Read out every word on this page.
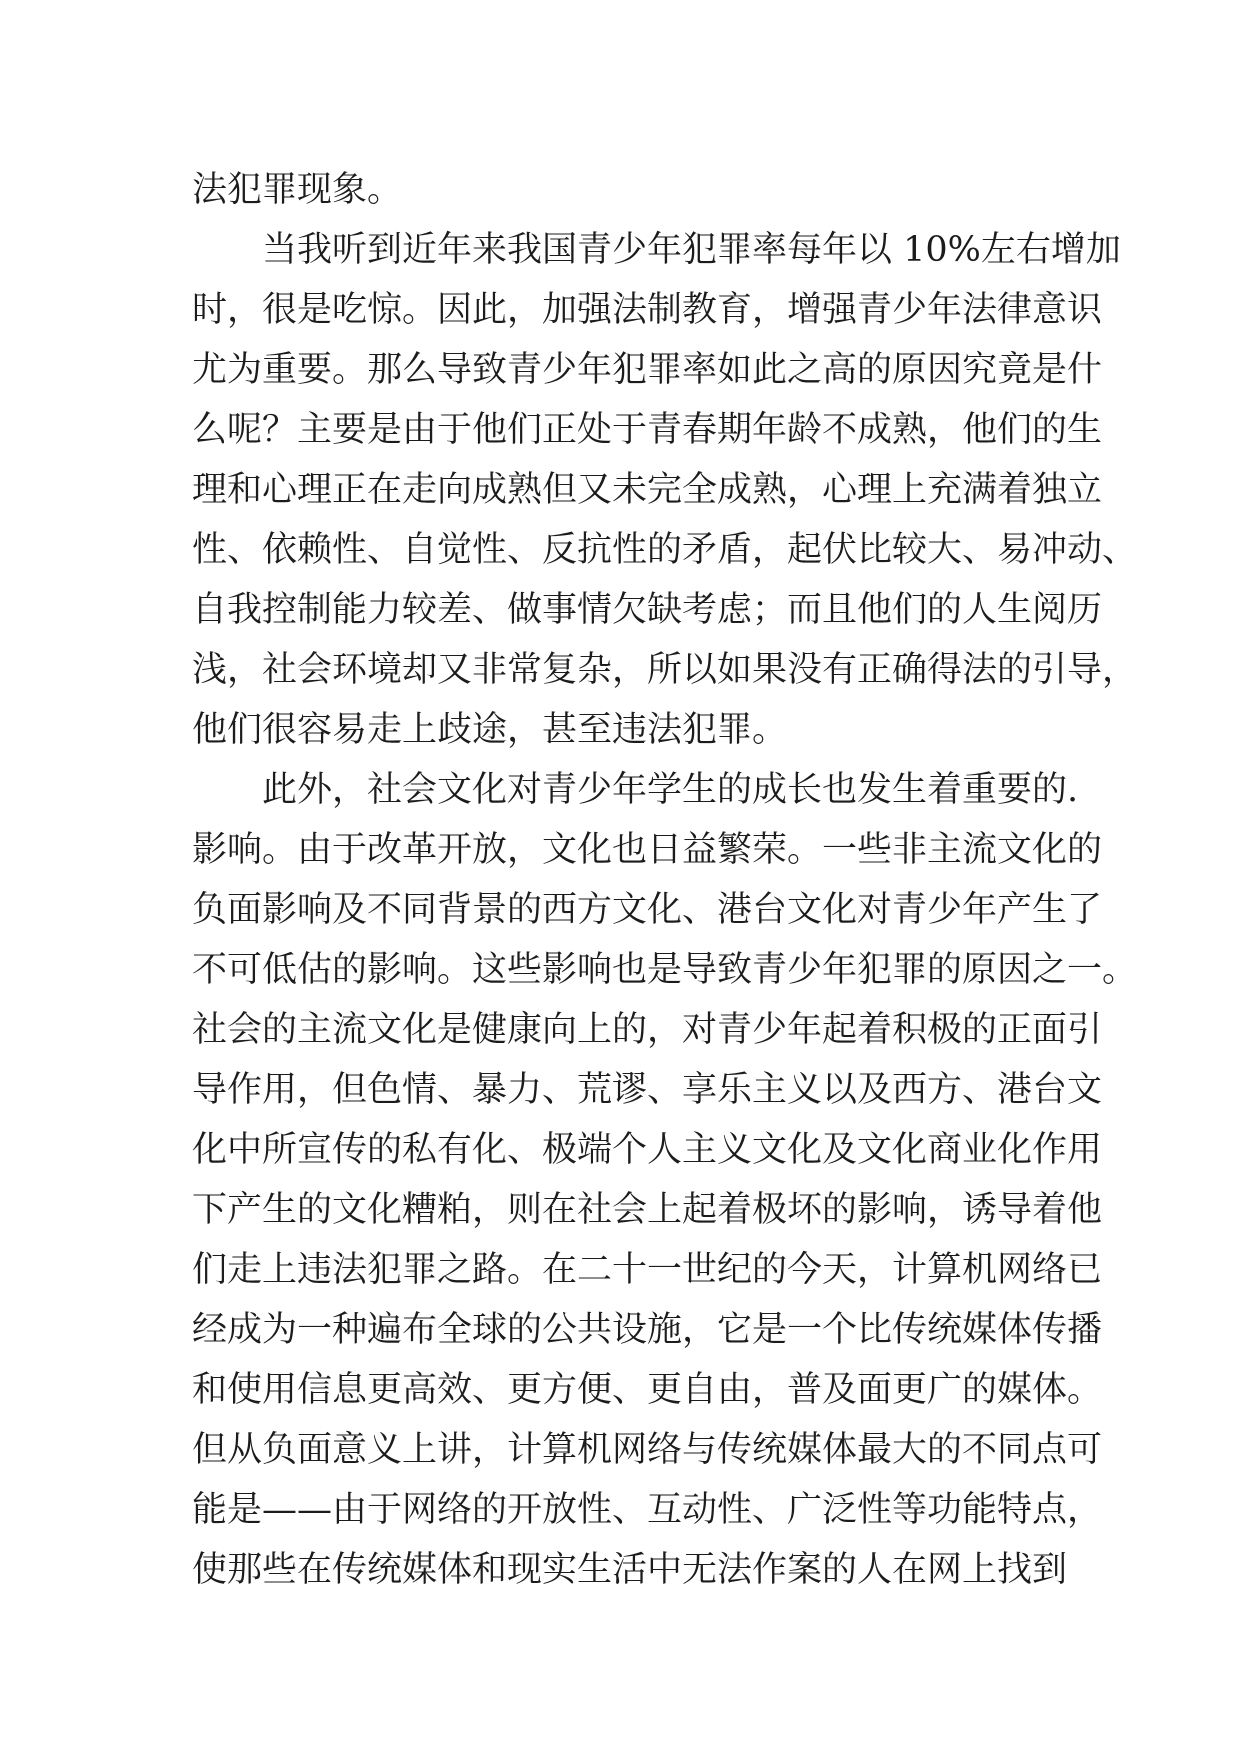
法犯罪现象。
当我听到近年来我国青少年犯罪率每年以 10%左右增加
时，很是吃惊。因此，加强法制教育，增强青少年法律意识
尤为重要。那么导致青少年犯罪率如此之高的原因究竟是什
么呢？主要是由于他们正处于青春期年龄不成熟，他们的生
理和心理正在走向成熟但又未完全成熟，心理上充满着独立
性、依赖性、自觉性、反抗性的矛盾，起伏比较大、易冲动、
自我控制能力较差、做事情欠缺考虑；而且他们的人生阅历
浅，社会环境却又非常复杂，所以如果没有正确得法的引导，
他们很容易走上歧途，甚至违法犯罪。
此外，社会文化对青少年学生的成长也发生着重要的.
影响。由于改革开放，文化也日益繁荣。一些非主流文化的
负面影响及不同背景的西方文化、港台文化对青少年产生了
不可低估的影响。这些影响也是导致青少年犯罪的原因之一。
社会的主流文化是健康向上的，对青少年起着积极的正面引
导作用，但色情、暴力、荒谬、享乐主义以及西方、港台文
化中所宣传的私有化、极端个人主义文化及文化商业化作用
下产生的文化糟粕，则在社会上起着极坏的影响，诱导着他
们走上违法犯罪之路。在二十一世纪的今天，计算机网络已
经成为一种遍布全球的公共设施，它是一个比传统媒体传播
和使用信息更高效、更方便、更自由，普及面更广的媒体。
但从负面意义上讲，计算机网络与传统媒体最大的不同点可
能是——由于网络的开放性、互动性、广泛性等功能特点，
使那些在传统媒体和现实生活中无法作案的人在网上找到
